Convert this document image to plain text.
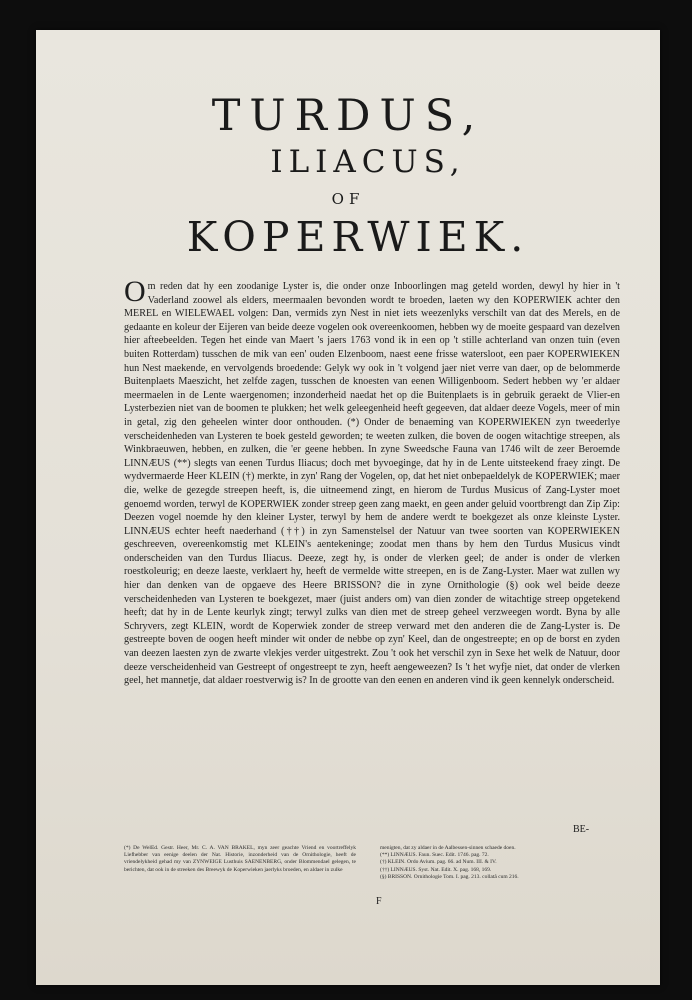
TURDUS,
ILIACUS,
OF
KOPERWIEK.

Om reden dat hy een zoodanige Lyster is, die onder onze Inboorlingen mag geteld worden, dewyl hy hier in 't Vaderland zoowel als elders, meermaalen bevonden wordt te broeden, laeten wy den KOPERWIEK achter den MEREL en WIELEWAEL volgen: Dan, vermids zyn Nest in niet iets weezenlyks verschilt van dat des Merels, en de gedaante en koleur der Eijeren van beide deeze vogelen ook overeenkoomen, hebben wy de moeite gespaard van dezelven hier afteebeelden. Tegen het einde van Maert 's jaers 1763 vond ik in een op 't stille achterland van onzen tuin (even buiten Rotterdam) tusschen de mik van een' ouden Elzenboom, naest eene frisse watersloot, een paer KOPERWIEKEN hun Nest maekende, en vervolgends broedende: Gelyk wy ook in 't volgend jaer niet verre van daer, op de belommerde Buitenplaets Maeszicht, het zelfde zagen, tusschen de knoesten van eenen Willigenboom. Sedert hebben wy 'er aldaer meermaelen in de Lente waergenomen; inzonderheid naedat het op die Buitenplaets is in gebruik geraekt de Vlier-en Lysterbezien niet van de boomen te plukken; het welk geleegenheid heeft gegeeven, dat aldaer deeze Vogels, meer of min in getal, zig den geheelen winter door onthouden. (*) Onder de benaeming van KOPERWIEKEN zyn tweederlye verscheidenheden van Lysteren te boek gesteld geworden; te weeten zulken, die boven de oogen witachtige streepen, als Winkbraeuwen, hebben, en zulken, die 'er geene hebben. In zyne Sweedsche Fauna van 1746 wilt de zeer Beroemde LINNÆUS (**) slegts van eenen Turdus Iliacus; doch met byvoeginge, dat hy in de Lente uitsteekend fraey zingt. De wydvermaerde Heer KLEIN (†) merkte, in zyn' Rang der Vogelen, op, dat het niet onbepaeldelyk de KOPERWIEK; maer die, welke de gezegde streepen heeft, is, die uitneemend zingt, en hierom de Turdus Musicus of Zang-Lyster moet genoemd worden, terwyl de KOPERWIEK zonder streep geen zang maekt, en geen ander geluid voortbrengt dan Zip Zip: Deezen vogel noemde hy den kleiner Lyster, terwyl by hem de andere werdt te boekgezet als onze kleinste Lyster. LINNÆUS echter heeft naederhand (††) in zyn Samenstelsel der Natuur van twee soorten van KOPERWIEKEN geschreeven, overeenkomstig met KLEIN's aentekeninge; zoodat men thans by hem den Turdus Musicus vindt onderscheiden van den Turdus Iliacus. Deeze, zegt hy, is onder de vlerken geel; de ander is onder de vlerken roestkoleurig; en deeze laeste, verklaert hy, heeft de vermelde witte streepen, en is de Zang-Lyster. Maer wat zullen wy hier dan denken van de opgaeve des Heere BRISSON? die in zyne Ornithologie (§) ook wel beide deeze verscheidenheden van Lysteren te boekgezet, maer (juist anders om) van dien zonder de witachtige streep opgetekend heeft; dat hy in de Lente keurlyk zingt; terwyl zulks van dien met de streep geheel verzweegen wordt. Byna by alle Schryvers, zegt KLEIN, wordt de Koperwiek zonder de streep verward met den anderen die de Zang-Lyster is. De gestreepte boven de oogen heeft minder wit onder de nebbe op zyn' Keel, dan de ongestreepte; en op de borst en zyden van deezen laesten zyn de zwarte vlekjes verder uitgestrekt. Zou 't ook het verschil zyn in Sexe het welk de Natuur, door deeze verscheidenheid van Gestreept of ongestreept te zyn, heeft aengeweezen? Is 't het wyfje niet, dat onder de vlerken geel, het mannetje, dat aldaer roestverwig is? In de grootte van den eenen en anderen vind ik geen kennelyk onderscheid.

BE-
(*) De WelEd. Gestr. Heer, Mr. C. A. VAN BRAKEL, myn zeer geachte Vriend en voortreffelyk Liefhebber van eenige deelen der Nat. Historie, inzonderheid van de Ornithologie, heeft de vriendelykheid gehad my van ZYNWEIGE Lusthuis SAENENBERG, onder Blommendael gelegen, te berichten, dat ook in de streeken des Breewyk de Koperwieken jaerlyks broeden, en aldaer in zulke
menigten, dat zy aldaer in de Aalbessen-sinnen schaede doen.
(**) LINNÆUS. Faun. Suec. Edit. 1746. pag. 72.
(†) KLEIN. Ordo Avium. pag. 66. ad Num. III. & IV.
(††) LINNÆUS. Syst. Nat. Edit. X. pag. 168, 169.
(§) BRISSON. Ornithologie Tom. I. pag. 213. collatâ cum 216.
F
